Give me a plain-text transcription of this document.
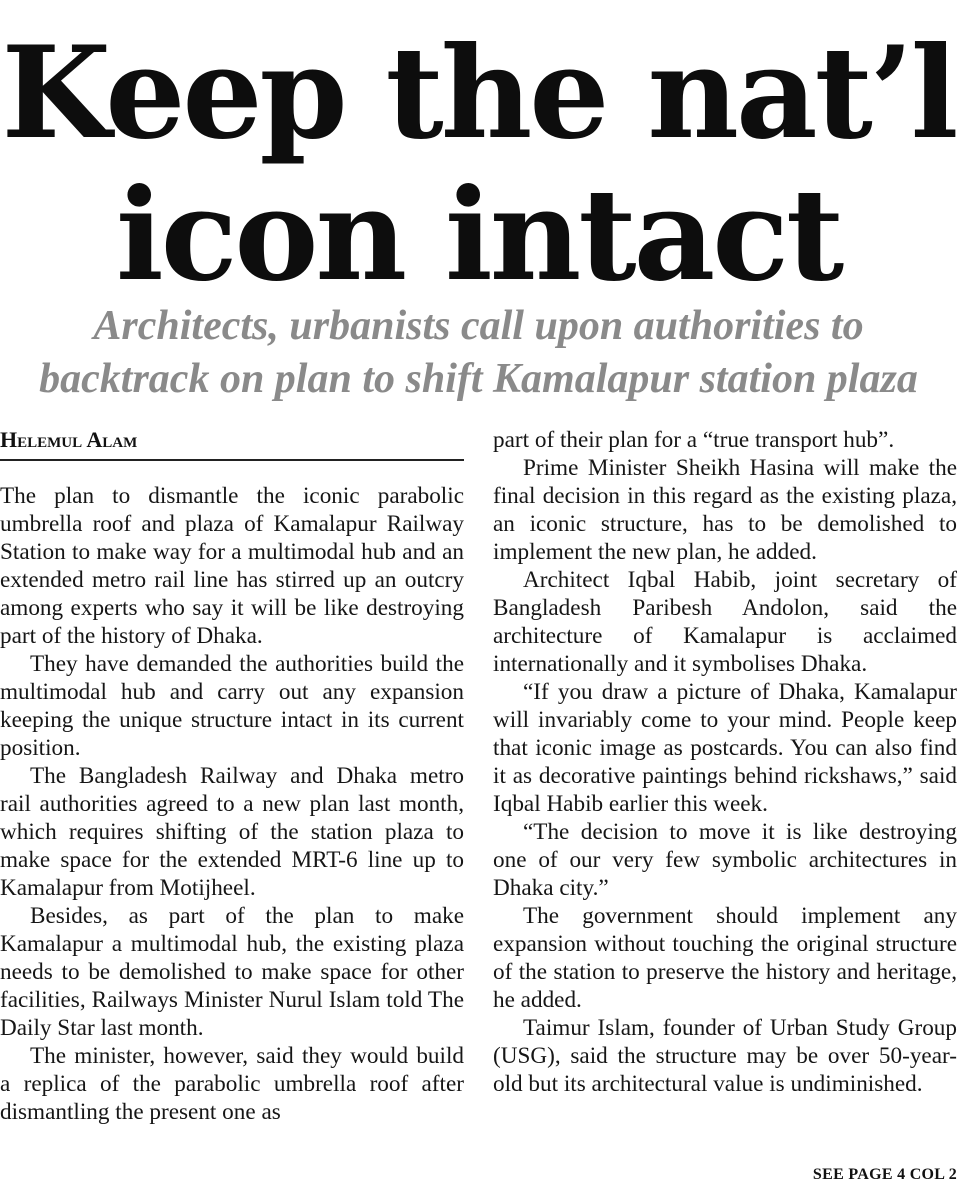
Keep the nat’l
icon intact
Architects, urbanists call upon authorities to
backtrack on plan to shift Kamalapur station plaza
Helemul Alam

The plan to dismantle the iconic parabolic umbrella roof and plaza of Kamalapur Railway Station to make way for a multimodal hub and an extended metro rail line has stirred up an outcry among experts who say it will be like destroying part of the history of Dhaka.

They have demanded the authorities build the multimodal hub and carry out any expansion keeping the unique structure intact in its current position.

The Bangladesh Railway and Dhaka metro rail authorities agreed to a new plan last month, which requires shifting of the station plaza to make space for the extended MRT-6 line up to Kamalapur from Motijheel.

Besides, as part of the plan to make Kamalapur a multimodal hub, the existing plaza needs to be demolished to make space for other facilities, Railways Minister Nurul Islam told The Daily Star last month.

The minister, however, said they would build a replica of the parabolic umbrella roof after dismantling the present one as

part of their plan for a “true transport hub”.

Prime Minister Sheikh Hasina will make the final decision in this regard as the existing plaza, an iconic structure, has to be demolished to implement the new plan, he added.

Architect Iqbal Habib, joint secretary of Bangladesh Paribesh Andolon, said the architecture of Kamalapur is acclaimed internationally and it symbolises Dhaka.

“If you draw a picture of Dhaka, Kamalapur will invariably come to your mind. People keep that iconic image as postcards. You can also find it as decorative paintings behind rickshaws,” said Iqbal Habib earlier this week.

“The decision to move it is like destroying one of our very few symbolic architectures in Dhaka city.”

The government should implement any expansion without touching the original structure of the station to preserve the history and heritage, he added.

Taimur Islam, founder of Urban Study Group (USG), said the structure may be over 50-year-old but its architectural value is undiminished.

SEE PAGE 4 COL 2
